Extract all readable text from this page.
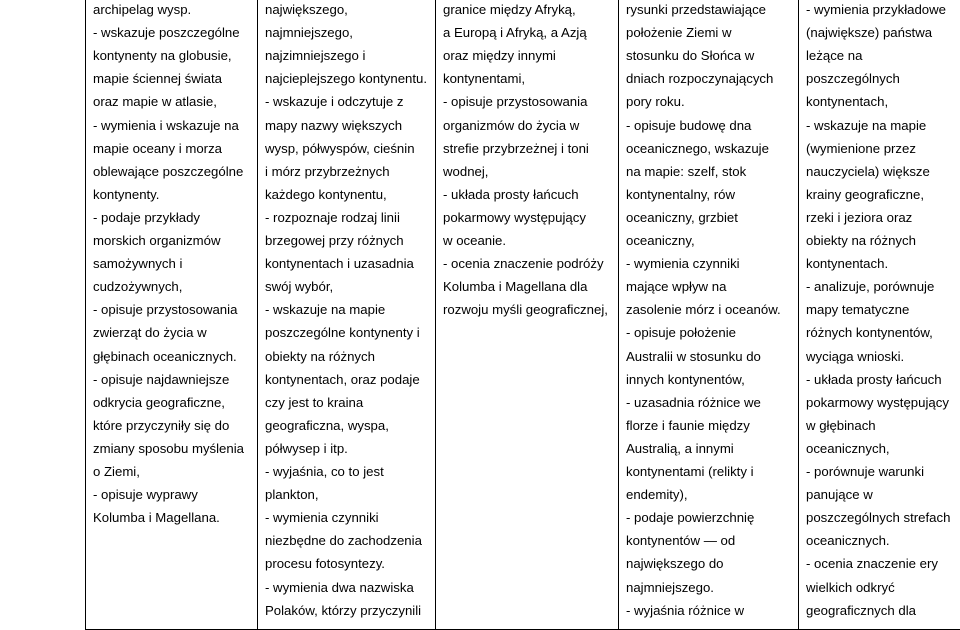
archipelag wysp.
- wskazuje poszczególne
kontynenty na globusie,
mapie ściennej świata
oraz mapie w atlasie,
- wymienia i wskazuje na
mapie oceany i morza
oblewające poszczególne
kontynenty.
- podaje przykłady
morskich organizmów
samożywnych i
cudzożywnych,
- opisuje przystosowania
zwierząt do życia w
głębinach oceanicznych.
- opisuje najdawniejsze
odkrycia geograficzne,
które przyczyniły się do
zmiany sposobu myślenia
o Ziemi,
- opisuje wyprawy
Kolumba i Magellana.
największego,
najmniejszego,
najzimniejszego i
najcieplejszego kontynentu.
- wskazuje i odczytuje z
mapy nazwy większych
wysp, półwyspów, cieśnin
i mórz przybrzeżnych
każdego kontynentu,
- rozpoznaje rodzaj linii
brzegowej przy różnych
kontynentach i uzasadnia
swój wybór,
- wskazuje na mapie
poszczególne kontynenty i
obiekty na różnych
kontynentach, oraz podaje
czy jest to kraina
geograficzna, wyspa,
półwysep i itp.
- wyjaśnia, co to jest
plankton,
- wymienia czynniki
niezbędne do zachodzenia
procesu fotosyntezy.
- wymienia dwa nazwiska
Polaków, którzy przyczynili
granice między Afryką,
a Europą i Afryką, a Azją
oraz między innymi
kontynentami,
- opisuje przystosowania
organizmów do życia w
strefie przybrzeżnej i toni
wodnej,
- układa prosty łańcuch
pokarmowy występujący
w oceanie.
- ocenia znaczenie podróży
Kolumba i Magellana dla
rozwoju myśli geograficznej,
rysunki przedstawiające
położenie Ziemi w
stosunku do Słońca w
dniach rozpoczynających
pory roku.
- opisuje budowę dna
oceanicznego, wskazuje
na mapie: szelf, stok
kontynentalny, rów
oceaniczny, grzbiet
oceaniczny,
- wymienia czynniki
mające wpływ na
zasolenie mórz i oceanów.
- opisuje położenie
Australii w stosunku do
innych kontynentów,
- uzasadnia różnice we
florze i faunie między
Australią, a innymi
kontynentami (relikty i
endemity),
- podaje powierzchnię
kontynentów — od
największego do
najmniejszego.
- wyjaśnia różnice w
- wymienia przykładowe
(największe) państwa
leżące na
poszczególnych
kontynentach,
- wskazuje na mapie
(wymienione przez
nauczyciela) większe
krainy geograficzne,
rzeki i jeziora oraz
obiekty na różnych
kontynentach.
- analizuje, porównuje
mapy tematyczne
różnych kontynentów,
wyciąga wnioski.
- układa prosty łańcuch
pokarmowy występujący
w głębinach
oceanicznych,
- porównuje warunki
panujące w
poszczególnych strefach
oceanicznych.
- ocenia znaczenie ery
wielkich odkryć
geograficznych dla
